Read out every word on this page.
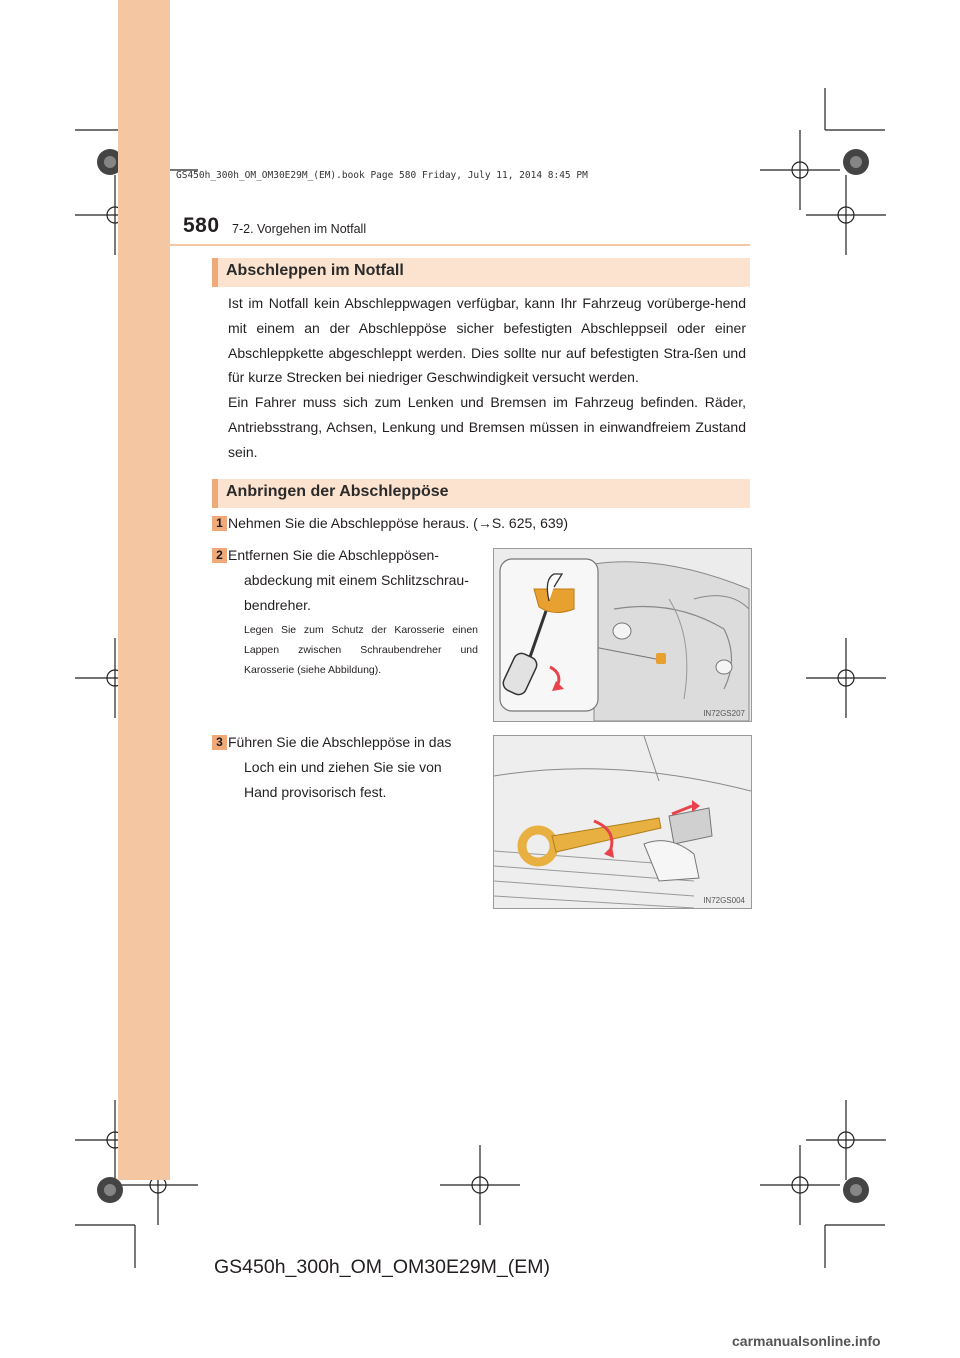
GS450h_300h_OM_OM30E29M_(EM).book Page 580 Friday, July 11, 2014 8:45 PM
580 7-2. Vorgehen im Notfall
Abschleppen im Notfall
Ist im Notfall kein Abschleppwagen verfügbar, kann Ihr Fahrzeug vorüberge-hend mit einem an der Abschleppöse sicher befestigten Abschleppseil oder einer Abschleppkette abgeschleppt werden. Dies sollte nur auf befestigten Stra-ßen und für kurze Strecken bei niedriger Geschwindigkeit versucht werden.
Ein Fahrer muss sich zum Lenken und Bremsen im Fahrzeug befinden. Räder, Antriebsstrang, Achsen, Lenkung und Bremsen müssen in einwandfreiem Zustand sein.
Anbringen der Abschleppöse
1 Nehmen Sie die Abschleppöse heraus. (→S. 625, 639)
2 Entfernen Sie die Abschleppösen-
abdeckung mit einem Schlitzschrau-
bendreher.
Legen Sie zum Schutz der Karosserie einen Lappen zwischen Schraubendreher und Karosserie (siehe Abbildung).
IN72GS207
3 Führen Sie die Abschleppöse in das
Loch ein und ziehen Sie sie von
Hand provisorisch fest.
IN72GS004
GS450h_300h_OM_OM30E29M_(EM)
carmanualsonline.info
